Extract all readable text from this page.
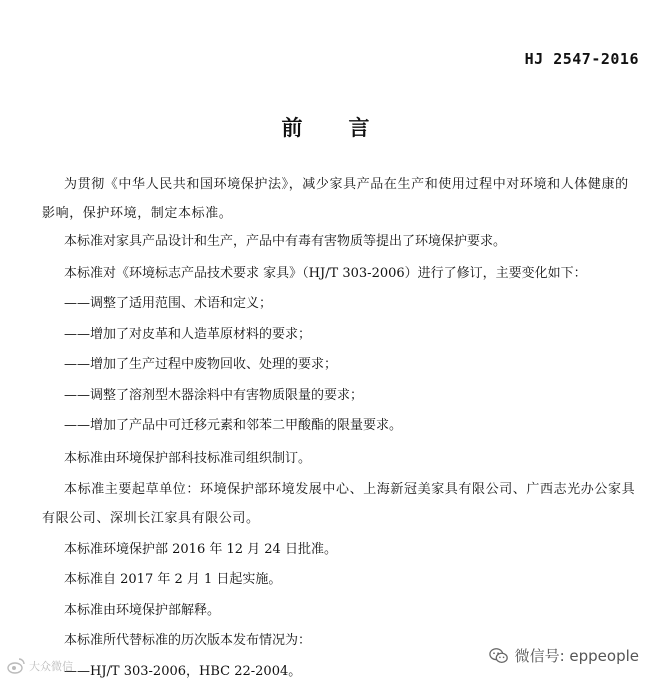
HJ 2547-2016
前言
为贯彻《中华人民共和国环境保护法》，减少家具产品在生产和使用过程中对环境和人体健康的影响，保护环境，制定本标准。
本标准对家具产品设计和生产，产品中有毒有害物质等提出了环境保护要求。
本标准对《环境标志产品技术要求 家具》（HJ/T 303-2006）进行了修订，主要变化如下：
——调整了适用范围、术语和定义；
——增加了对皮革和人造革原材料的要求；
——增加了生产过程中废物回收、处理的要求；
——调整了溶剂型木器涂料中有害物质限量的要求；
——增加了产品中可迁移元素和邻苯二甲酸酯的限量要求。
本标准由环境保护部科技标准司组织制订。
本标准主要起草单位：环境保护部环境发展中心、上海新冠美家具有限公司、广西志光办公家具有限公司、深圳长江家具有限公司。
本标准环境保护部 2016 年 12 月 24 日批准。
本标准自 2017 年 2 月 1 日起实施。
本标准由环境保护部解释。
本标准所代替标准的历次版本发布情况为：
——HJ/T 303-2006，HBC 22-2004。
大众微信
微信号: eppeople
